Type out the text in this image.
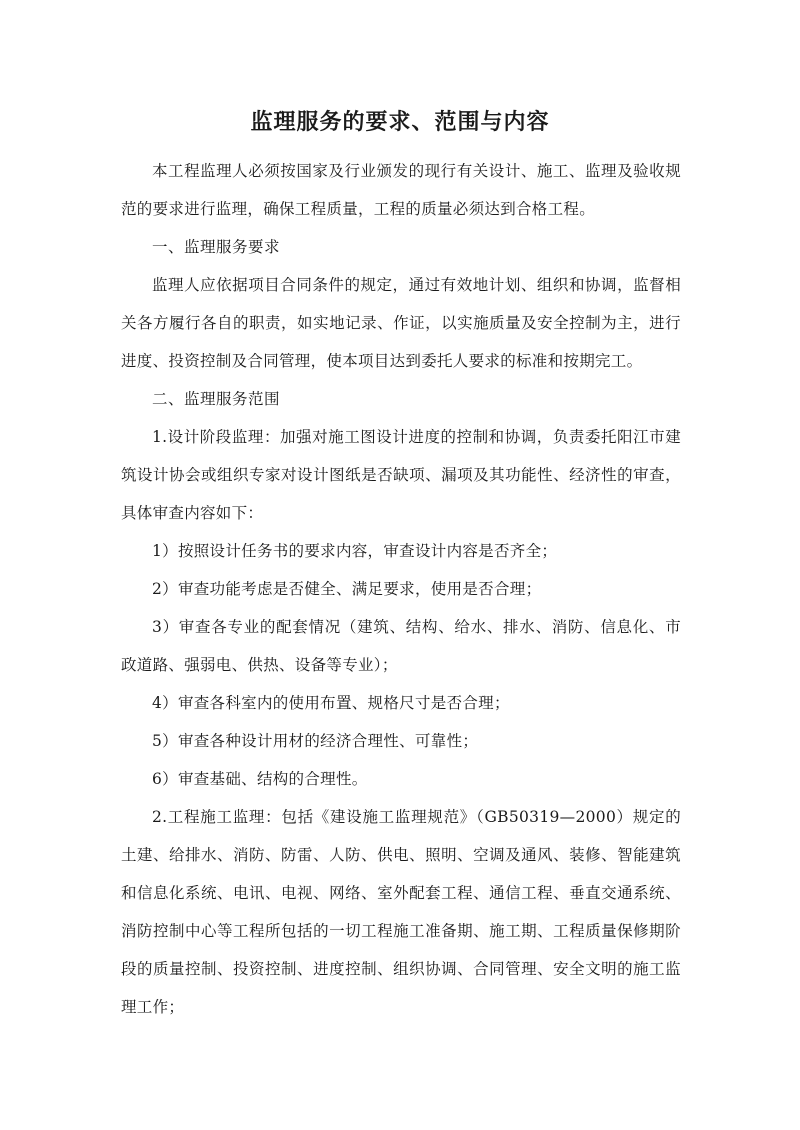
监理服务的要求、范围与内容

本工程监理人必须按国家及行业颁发的现行有关设计、施工、监理及验收规范的要求进行监理，确保工程质量，工程的质量必须达到合格工程。

一、监理服务要求

监理人应依据项目合同条件的规定，通过有效地计划、组织和协调，监督相关各方履行各自的职责，如实地记录、作证，以实施质量及安全控制为主，进行进度、投资控制及合同管理，使本项目达到委托人要求的标准和按期完工。

二、监理服务范围

1.设计阶段监理：加强对施工图设计进度的控制和协调，负责委托阳江市建筑设计协会或组织专家对设计图纸是否缺项、漏项及其功能性、经济性的审查，具体审查内容如下：

1）按照设计任务书的要求内容，审查设计内容是否齐全；

2）审查功能考虑是否健全、满足要求，使用是否合理；

3）审查各专业的配套情况（建筑、结构、给水、排水、消防、信息化、市政道路、强弱电、供热、设备等专业）；

4）审查各科室内的使用布置、规格尺寸是否合理；

5）审查各种设计用材的经济合理性、可靠性；

6）审查基础、结构的合理性。

2.工程施工监理：包括《建设施工监理规范》（GB50319—2000）规定的土建、给排水、消防、防雷、人防、供电、照明、空调及通风、装修、智能建筑和信息化系统、电讯、电视、网络、室外配套工程、通信工程、垂直交通系统、消防控制中心等工程所包括的一切工程施工准备期、施工期、工程质量保修期阶段的质量控制、投资控制、进度控制、组织协调、合同管理、安全文明的施工监理工作；
